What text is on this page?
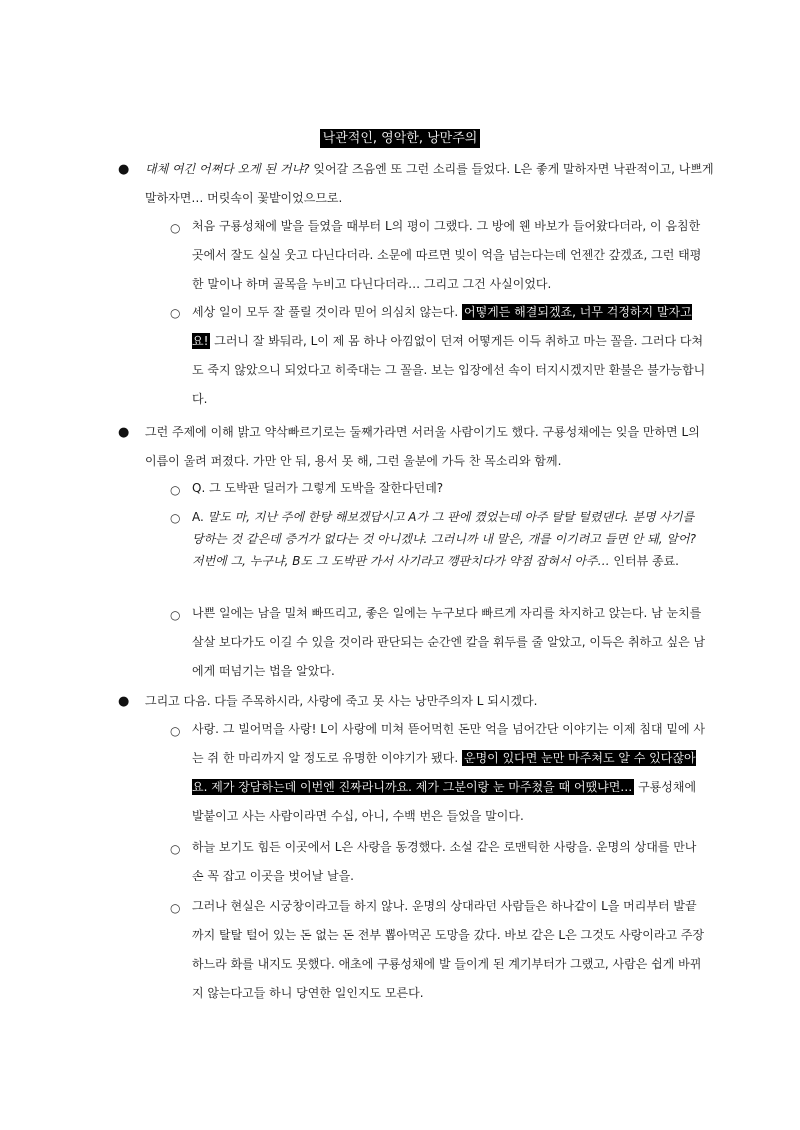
낙관적인, 영악한, 낭만주의
● 대체 여긴 어쩌다 오게 된 거냐? 잊어갈 즈음엔 또 그런 소리를 들었다. L은 좋게 말하자면 낙관적이고, 나쁘게 말하자면… 머릿속이 꽃밭이었으므로.
○ 처음 구룡성채에 발을 들였을 때부터 L의 평이 그랬다. 그 방에 웬 바보가 들어왔다더라, 이 음침한 곳에서 잘도 실실 웃고 다닌다더라. 소문에 따르면 빚이 억을 넘는다는데 언젠간 갚겠죠, 그런 태평한 말이나 하며 골목을 누비고 다닌다더라… 그리고 그건 사실이었다.
○ 세상 일이 모두 잘 풀릴 것이라 믿어 의심치 않는다. 어떻게든 해결되겠죠, 너무 걱정하지 말자고요! 그러니 잘 봐둬라, L이 제 몸 하나 아낌없이 던져 어떻게든 이득 취하고 마는 꼴을. 그러다 다쳐도 죽지 않았으니 되었다고 히죽대는 그 꼴을. 보는 입장에선 속이 터지시겠지만 환불은 불가능합니다.
● 그런 주제에 이해 밝고 약삭빠르기로는 둘째가라면 서러울 사람이기도 했다. 구룡성채에는 잊을 만하면 L의 이름이 울려 퍼졌다. 가만 안 둬, 용서 못 해, 그런 울분에 가득 찬 목소리와 함께.
○ Q. 그 도박판 딜러가 그렇게 도박을 잘한다던데?
○ A. 말도 마, 지난 주에 한탕 해보겠답시고 A가 그 판에 꼈었는데 아주 탈탈 털렸댄다. 분명 사기를 당하는 것 같은데 증거가 없다는 것 아니겠냐. 그러니까 내 말은, 개를 이기려고 들면 안 돼, 알어? 저번에 그, 누구냐, B도 그 도박판 가서 사기라고 깽판치다가 약점 잡혀서 아주… 인터뷰 종료.
○ 나쁜 일에는 남을 밀쳐 빠뜨리고, 좋은 일에는 누구보다 빠르게 자리를 차지하고 앉는다. 남 눈치를 살살 보다가도 이길 수 있을 것이라 판단되는 순간엔 칼을 휘두를 줄 알았고, 이득은 취하고 싶은 남에게 떠넘기는 법을 알았다.
● 그리고 다음. 다들 주목하시라, 사랑에 죽고 못 사는 낭만주의자 L 되시겠다.
○ 사랑. 그 빌어먹을 사랑! L이 사랑에 미쳐 뜯어먹힌 돈만 억을 넘어간단 이야기는 이제 침대 밑에 사는 쥐 한 마리까지 알 정도로 유명한 이야기가 됐다. 운명이 있다면 눈만 마주쳐도 알 수 있다잖아요. 제가 장담하는데 이번엔 진짜라니까요. 제가 그분이랑 눈 마주쳤을 때 어땠냐면… 구룡성채에 발붙이고 사는 사람이라면 수십, 아니, 수백 번은 들었을 말이다.
○ 하늘 보기도 힘든 이곳에서 L은 사랑을 동경했다. 소설 같은 로맨틱한 사랑을. 운명의 상대를 만나 손 꼭 잡고 이곳을 벗어날 날을.
○ 그러나 현실은 시궁창이라고들 하지 않나. 운명의 상대라던 사람들은 하나같이 L을 머리부터 발끝까지 탈탈 털어 있는 돈 없는 돈 전부 뽑아먹곤 도망을 갔다. 바보 같은 L은 그것도 사랑이라고 주장하느라 화를 내지도 못했다. 애초에 구룡성채에 발 들이게 된 계기부터가 그랬고, 사람은 쉽게 바뀌지 않는다고들 하니 당연한 일인지도 모른다.
